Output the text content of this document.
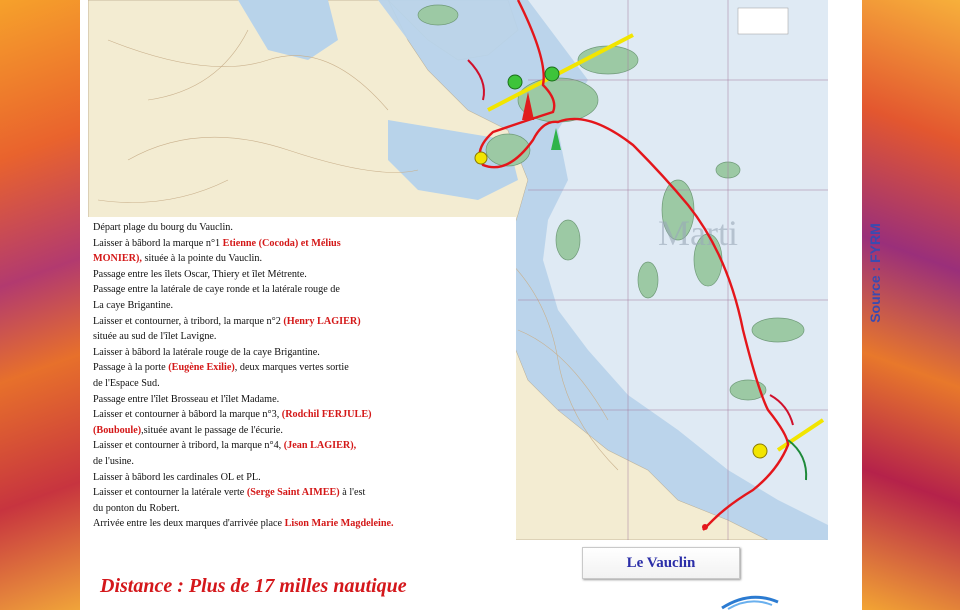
Marti	Source : FYRM

Départ plage du bourg du Vauclin.

Laisser à bâbord la marque n°1 Etienne (Cocoda) et Mélius

MONIER), située à la pointe du Vauclin.

Passage entre les îlets Oscar, Thiery et îlet Métrente.

Passage entre la latérale de caye ronde et la latérale rouge de

La caye Brigantine.

Laisser et contourner, à tribord, la marque n°2 (Henry LAGIER)

située au sud de l'îlet Lavigne.

Laisser à bâbord la latérale rouge de la caye Brigantine.

Passage à la porte (Eugène Exilie), deux marques vertes sortie

de l'Espace Sud.

Passage entre l'îlet Brosseau et l'îlet Madame.

Laisser et contourner à bâbord la marque n°3, (Rodchil FERJULE)

(Bouboule),située avant le passage de l'écurie.

Laisser et contourner à tribord, la marque n°4, (Jean LAGIER),

de l'usine.

Laisser à bâbord les cardinales OL et PL.

Laisser et contourner la latérale verte (Serge Saint AIMEE) à l'est

du ponton du Robert.

Arrivée entre les deux marques d'arrivée place Lison Marie Magdeleine.

Distance : Plus de 17 milles nautique
Le Vauclin
